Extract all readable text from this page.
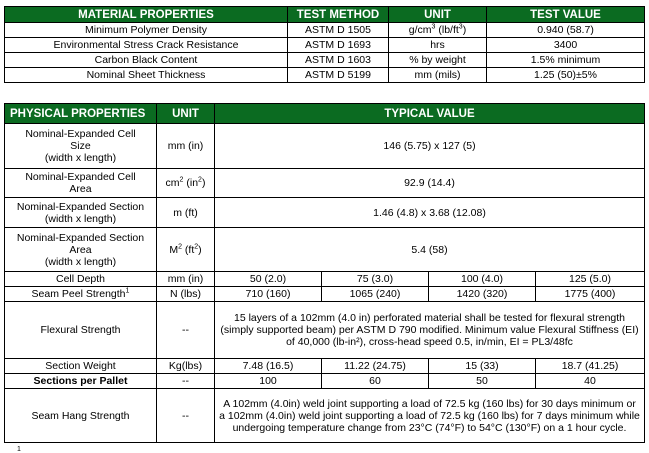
MATERIAL PROPERTIES	TEST METHOD	UNIT	TEST VALUE
Minimum Polymer Density	ASTM D 1505	$g/cm^3$ $(lb/ft^3)$	0.940 (58.7)
Environmental Stress Crack Resistance	ASTM D 1693	hrs	3400
Carbon Black Content	ASTM D 1603	% by weight	1.5% minimum
Nominal Sheet Thickness	ASTM D 5199	mm (mils)	1.25 (50)±5%
PHYSICAL PROPERTIES	UNIT	TYPICAL VALUE			

Nominal-Expanded Cell
Size
(width x length)	mm (in)	146 (5.75) x 127 (5)			

Nominal-Expanded Cell
Area	$cm^2$ $(in^2)$	92.9 (14.4)			

Nominal-Expanded Section
(width x length)	m (ft)	1.46 (4.8) x 3.68 (12.08)			

Nominal-Expanded Section
Area
(width x length)	$M^2$ $(ft^2)$	5.4 (58)			
Cell Depth	mm (in)	50 (2.0)	75 (3.0)	100 (4.0)	125 (5.0)
Seam Peel Strength$^1$	N (lbs)	710 (160)	1065 (240)	1420 (320)	1775 (400)
Flexural Strength	--	15 layers of a 102mm (4.0 in) perforated material shall be tested for flexural strength (simply supported beam) per ASTM D 790 modified. Minimum value Flexural Stiffness (EI) of 40,000 (lb-in²), cross-head speed 0.5, in/min, EI = PL3/48fc			
Section Weight	Kg(lbs)	7.48 (16.5)	11.22 (24.75)	15 (33)	18.7 (41.25)
Sections per Pallet	--	100	60	50	40
Seam Hang Strength	--	A 102mm (4.0in) weld joint supporting a load of 72.5 kg (160 lbs) for 30 days minimum or a 102mm (4.0in) weld joint supporting a load of 72.5 kg (160 lbs) for 7 days minimum while undergoing temperature change from 23°C (74°F) to 54°C (130°F) on a 1 hour cycle.			
1
